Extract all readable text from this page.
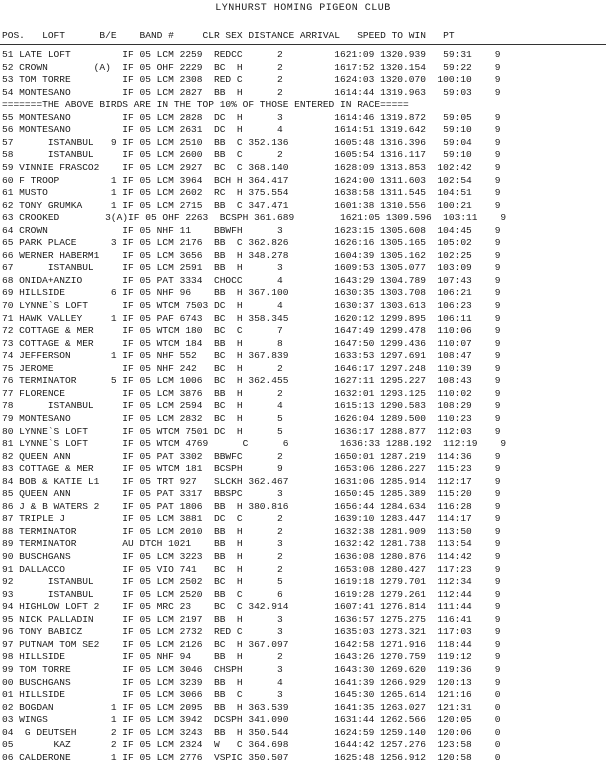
LYNHURST HOMING PIGEON CLUB
POS.   LOFT      B/E    BAND #     CLR SEX DISTANCE ARRIVAL   SPEED TO WIN   PT
51 LATE LOFT         IF 05 LCM 2259  REDCC      2         1621:09 1320.939   59:31    9
52 CROWN        (A)  IF 05 OHF 2229  BC  H      2         1617:52 1320.154   59:22    9
53 TOM TORRE         IF 05 LCM 2308  RED C      2         1624:03 1320.070  100:10    9
54 MONTESANO         IF 05 LCM 2827  BB  H      2         1614:44 1319.963   59:03    9
=======THE ABOVE BIRDS ARE IN THE TOP 10% OF THOSE ENTERED IN RACE=====
55 MONTESANO         IF 05 LCM 2828  DC  H      3         1614:46 1319.872   59:05    9
56 MONTESANO         IF 05 LCM 2631  DC  H      4         1614:51 1319.642   59:10    9
57      ISTANBUL   9 IF 05 LCM 2510  BB  C 352.136        1605:48 1316.396   59:04    9
58      ISTANBUL     IF 05 LCM 2600  BB  C      2         1605:54 1316.117   59:10    9
59 VINNIE FRASCO2    IF 05 LCM 2927  BC  C 368.140        1628:09 1313.853  102:42    9
60 F TROOP         1 IF 05 LCM 3964  BCH H 364.417        1624:00 1311.603  102:54    9
61 MUSTO           1 IF 05 LCM 2602  RC  H 375.554        1638:58 1311.545  104:51    9
62 TONY GRUMKA     1 IF 05 LCM 2715  BB  C 347.471        1601:38 1310.556  100:21    9
63 CROOKED        3(A)IF 05 OHF 2263  BCSPH 361.689        1621:05 1309.596  103:11    9
64 CROWN             IF 05 NHF 11    BBWFH      3         1623:15 1305.608  104:45    9
65 PARK PLACE      3 IF 05 LCM 2176  BB  C 362.826        1626:16 1305.165  105:02    9
66 WERNER HABERM1    IF 05 LCM 3656  BB  H 348.278        1604:39 1305.162  102:25    9
67      ISTANBUL     IF 05 LCM 2591  BB  H      3         1609:53 1305.077  103:09    9
68 ONIDA+ANZIO       IF 05 PAT 3334  CHOCC      4         1643:29 1304.789  107:43    9
69 HILLSIDE        6 IF 05 NHF 96    BB  H 367.100        1630:35 1303.708  106:21    9
70 LYNNE`S LOFT      IF 05 WTCM 7503 DC  H      4         1630:37 1303.613  106:23    9
71 HAWK VALLEY     1 IF 05 PAF 6743  BC  H 358.345        1620:12 1299.895  106:11    9
72 COTTAGE & MER     IF 05 WTCM 180  BC  C      7         1647:49 1299.478  110:06    9
73 COTTAGE & MER     IF 05 WTCM 184  BB  H      8         1647:50 1299.436  110:07    9
74 JEFFERSON       1 IF 05 NHF 552   BC  H 367.839        1633:53 1297.691  108:47    9
75 JEROME            IF 05 NHF 242   BC  H      2         1646:17 1297.248  110:39    9
76 TERMINATOR      5 IF 05 LCM 1006  BC  H 362.455        1627:11 1295.227  108:43    9
77 FLORENCE          IF 05 LCM 3876  BB  H      2         1632:01 1293.125  110:02    9
78      ISTANBUL     IF 05 LCM 2594  BC  H      4         1615:13 1290.583  108:29    9
79 MONTESANO         IF 05 LCM 2832  BC  H      5         1626:04 1289.500  110:23    9
80 LYNNE`S LOFT      IF 05 WTCM 7501 DC  H      5         1636:17 1288.877  112:03    9
81 LYNNE`S LOFT      IF 05 WTCM 4769      C      6         1636:33 1288.192  112:19    9
82 QUEEN ANN         IF 05 PAT 3302  BBWFC      2         1650:01 1287.219  114:36    9
83 COTTAGE & MER     IF 05 WTCM 181  BCSPH      9         1653:06 1286.227  115:23    9
84 BOB & KATIE L1    IF 05 TRT 927   SLCKH 362.467        1631:06 1285.914  112:17    9
85 QUEEN ANN         IF 05 PAT 3317  BBSPC      3         1650:45 1285.389  115:20    9
86 J & B WATERS 2    IF 05 PAT 1806  BB  H 380.816        1656:44 1284.634  116:28    9
87 TRIPLE J          IF 05 LCM 3881  DC  C      2         1639:10 1283.447  114:17    9
88 TERMINATOR        IF 05 LCM 2010  BB  H      2         1632:38 1281.909  113:50    9
89 TERMINATOR        AU DTCH 1021    BB  H      3         1632:42 1281.738  113:54    9
90 BUSCHGANS         IF 05 LCM 3223  BB  H      2         1636:08 1280.876  114:42    9
91 DALLACCO          IF 05 VIO 741   BC  H      2         1653:08 1280.427  117:23    9
92      ISTANBUL     IF 05 LCM 2502  BC  H      5         1619:18 1279.701  112:34    9
93      ISTANBUL     IF 05 LCM 2520  BB  C      6         1619:28 1279.261  112:44    9
94 HIGHLOW LOFT 2    IF 05 MRC 23    BC  C 342.914        1607:41 1276.814  111:44    9
95 NICK PALLADIN     IF 05 LCM 2197  BB  H      3         1636:57 1275.275  116:41    9
96 TONY BABICZ       IF 05 LCM 2732  RED C      3         1635:03 1273.321  117:03    9
97 PUTNAM TOM SE2    IF 05 LCM 2126  BC  H 367.097        1642:58 1271.916  118:44    9
98 HILLSIDE          IF 05 NHF 94    BB  H      2         1643:26 1270.759  119:12    9
99 TOM TORRE         IF 05 LCM 3046  CHSPH      3         1643:30 1269.620  119:36    9
00 BUSCHGANS         IF 05 LCM 3239  BB  H      4         1641:39 1266.929  120:13    9
01 HILLSIDE          IF 05 LCM 3066  BB  C      3         1645:30 1265.614  121:16    0
02 BOGDAN          1 IF 05 LCM 2095  BB  H 363.539        1641:35 1263.027  121:31    0
03 WINGS           1 IF 05 LCM 3942  DCSPH 341.090        1631:44 1262.566  120:05    0
04  G DEUTSEH      2 IF 05 LCM 3243  BB  H 350.544        1624:59 1259.140  120:06    0
05       KAZ       2 IF 05 LCM 2324  W   C 364.698        1644:42 1257.276  123:58    0
06 CALDERONE       1 IF 05 LCM 2776  VSPIC 350.507        1625:48 1256.912  120:58    0
